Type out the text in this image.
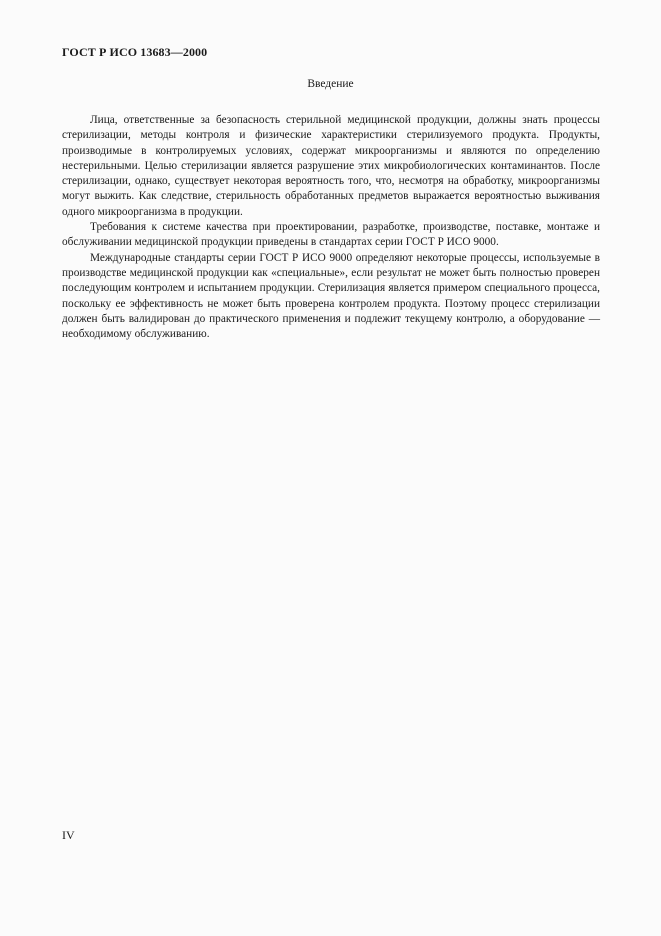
ГОСТ Р ИСО 13683—2000
Введение

Лица, ответственные за безопасность стерильной медицинской продукции, должны знать процессы стерилизации, методы контроля и физические характеристики стерилизуемого продукта. Продукты, производимые в контролируемых условиях, содержат микроорганизмы и являются по определению нестерильными. Целью стерилизации является разрушение этих микробиологических контаминантов. После стерилизации, однако, существует некоторая вероятность того, что, несмотря на обработку, микроорганизмы могут выжить. Как следствие, стерильность обработанных предметов выражается вероятностью выживания одного микроорганизма в продукции.

Требования к системе качества при проектировании, разработке, производстве, поставке, монтаже и обслуживании медицинской продукции приведены в стандартах серии ГОСТ Р ИСО 9000.

Международные стандарты серии ГОСТ Р ИСО 9000 определяют некоторые процессы, используемые в производстве медицинской продукции как «специальные», если результат не может быть полностью проверен последующим контролем и испытанием продукции. Стерилизация является примером специального процесса, поскольку ее эффективность не может быть проверена контролем продукта. Поэтому процесс стерилизации должен быть валидирован до практического применения и подлежит текущему контролю, а оборудование — необходимому обслуживанию.

IV
